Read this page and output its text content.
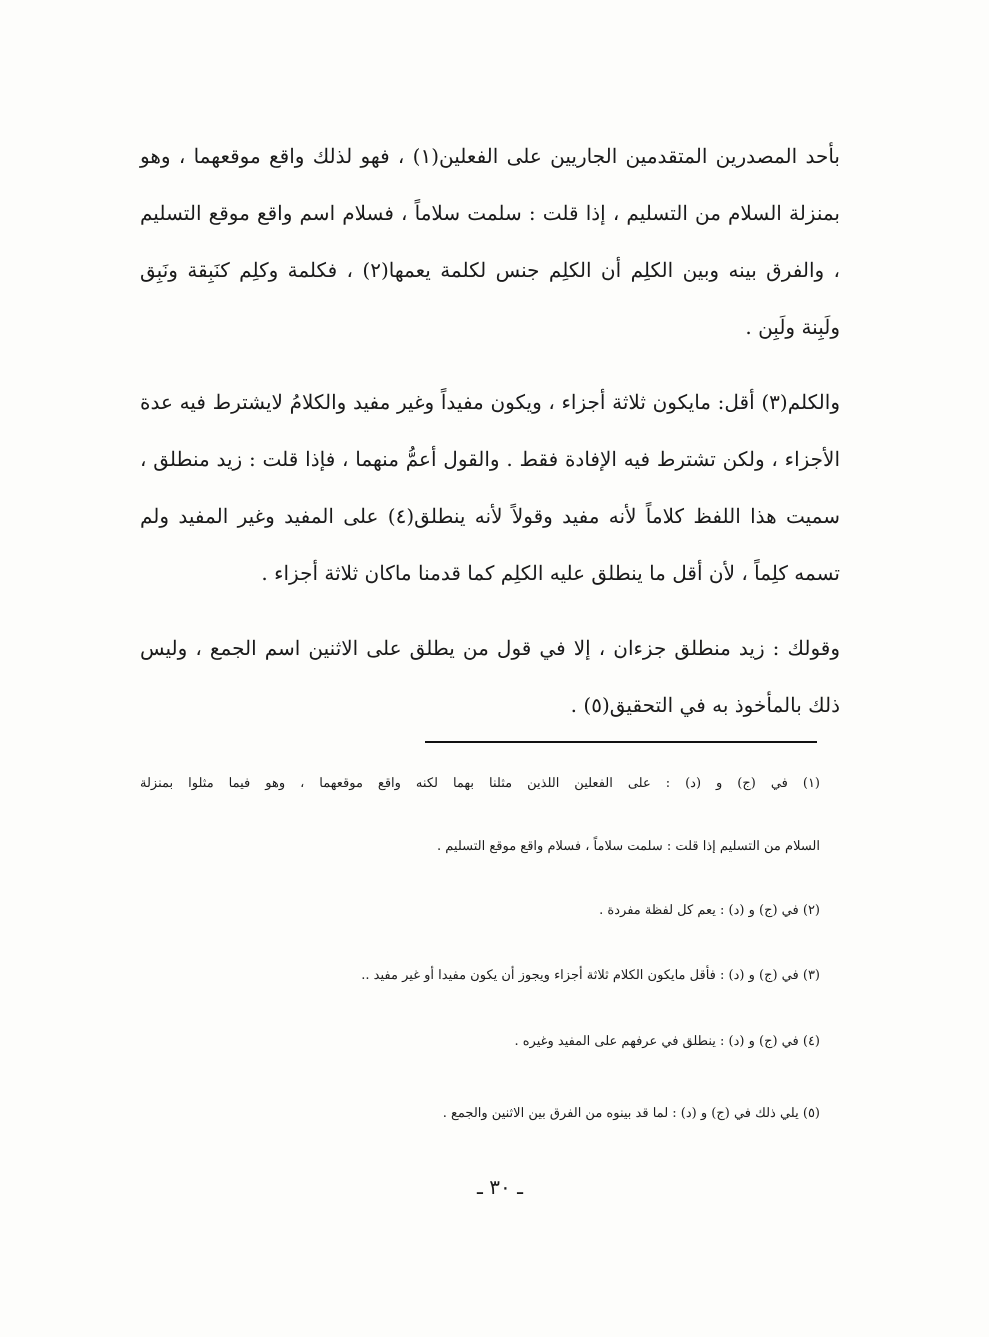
بأحد المصدرين المتقدمين الجاريين على الفعلين(١) ، فهو لذلك واقع موقعهما ، وهو بمنزلة السلام من التسليم ، إذا قلت : سلمت سلاماً ، فسلام اسم واقع موقع التسليم ، والفرق بينه وبين الكلِم أن الكلِم جنس لكلمة يعمها(٢) ، فكلمة وكلِم كنَبِقة ونَبِق ولَبِنة ولَبِن .

والكلم(٣) أقل: مايكون ثلاثة أجزاء ، ويكون مفيداً وغير مفيد والكلامُ لايشترط فيه عدة الأجزاء ، ولكن تشترط فيه الإفادة فقط . والقول أعمُّ منهما ، فإذا قلت : زيد منطلق ، سميت هذا اللفظ كلاماً لأنه مفيد وقولاً لأنه ينطلق(٤) على المفيد وغير المفيد ولم تسمه كلِماً ، لأن أقل ما ينطلق عليه الكلِم كما قدمنا ماكان ثلاثة أجزاء .

وقولك : زيد منطلق جزءان ، إلا في قول من يطلق على الاثنين اسم الجمع ، وليس ذلك بالمأخوذ به في التحقيق(٥) .

(١) في (ج) و (د) : على الفعلين اللذين مثلنا بهما لكنه واقع موقعهما ، وهو فيما مثلوا بمنزلة
السلام من التسليم إذا قلت : سلمت سلاماً ، فسلام واقع موقع التسليم .
(٢) في (ج) و (د) : يعم كل لفظة مفردة .
(٣) في (ج) و (د) : فأقل مايكون الكلام ثلاثة أجزاء ويجوز أن يكون مفيدا أو غير مفيد ..
(٤) في (ج) و (د) : ينطلق في عرفهم على المفيد وغيره .
(٥) يلي ذلك في (ج) و (د) : لما قد بينوه من الفرق بين الاثنين والجمع .
ـ ٣٠ ـ
